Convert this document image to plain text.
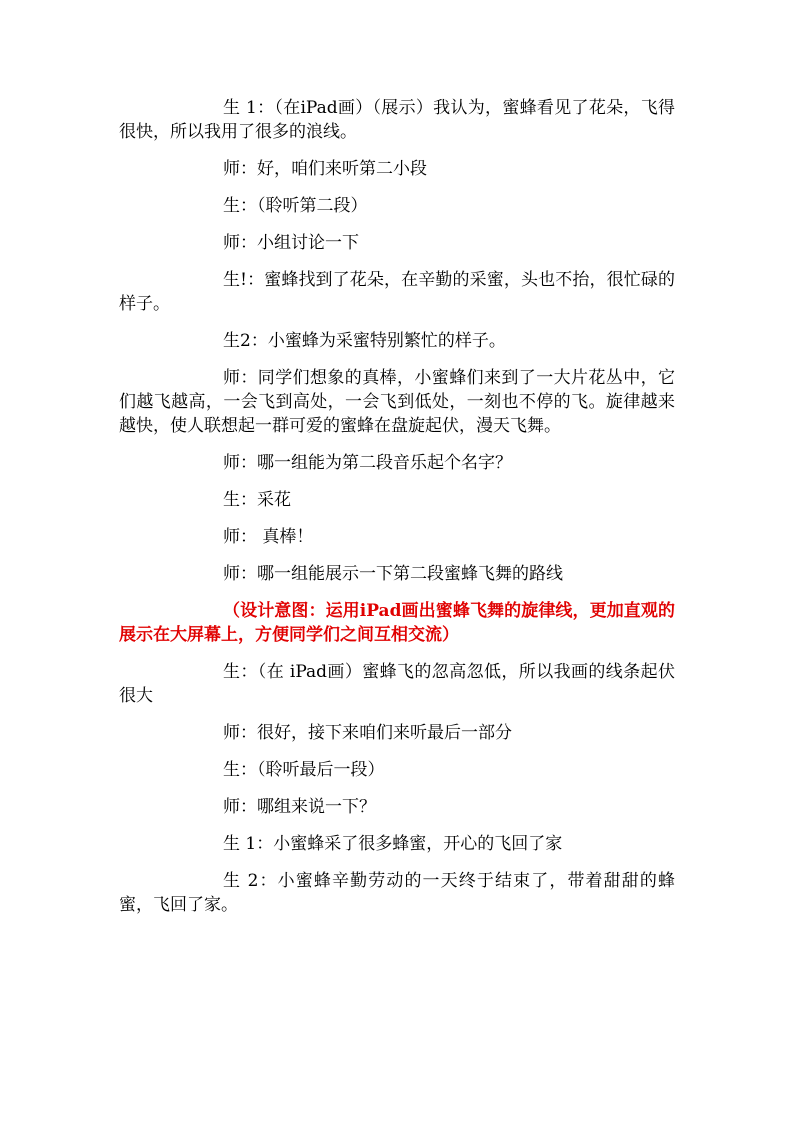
生 1：（在iPad画）（展示）我认为，蜜蜂看见了花朵，飞得很快，所以我用了很多的浪线。

师：好，咱们来听第二小段

生：（聆听第二段）

师：小组讨论一下

生!：蜜蜂找到了花朵，在辛勤的采蜜，头也不抬，很忙碌的样子。

生2：小蜜蜂为采蜜特别繁忙的样子。

师：同学们想象的真棒，小蜜蜂们来到了一大片花丛中，它们越飞越高，一会飞到高处，一会飞到低处，一刻也不停的飞。旋律越来越快，使人联想起一群可爱的蜜蜂在盘旋起伏，漫天飞舞。

师：哪一组能为第二段音乐起个名字？

生：采花

师： 真棒！

师：哪一组能展示一下第二段蜜蜂飞舞的路线

（设计意图：运用iPad画出蜜蜂飞舞的旋律线，更加直观的展示在大屏幕上，方便同学们之间互相交流）

生：（在 iPad画）蜜蜂飞的忽高忽低，所以我画的线条起伏很大

师：很好，接下来咱们来听最后一部分

生：（聆听最后一段）

师：哪组来说一下？

生 1：小蜜蜂采了很多蜂蜜，开心的飞回了家

生 2：小蜜蜂辛勤劳动的一天终于结束了，带着甜甜的蜂蜜，飞回了家。
